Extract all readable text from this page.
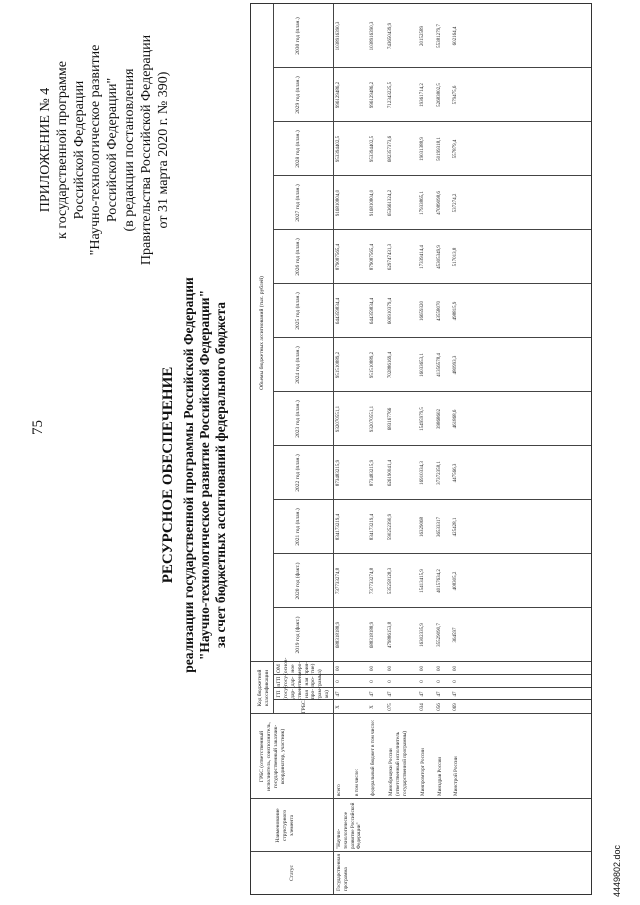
75
ПРИЛОЖЕНИЕ № 4 к государственной программе Российской Федерации "Научно-технологическое развитие Российской Федерации" (в редакции постановления Правительства Российской Федерации от 31 марта 2020 г. № 390)
РЕСУРСНОЕ ОБЕСПЕЧЕНИЕ реализации государственной программы Российской Федерации "Научно-технологическое развитие Российской Федерации" за счет бюджетных ассигнований федерального бюджета
Статус
Наименование структурного элемента
ГРБС (ответственный исполнитель, соисполнитель, государственный заказчик-координатор, участник)
Код бюджетной классификации
ГРБС
ГП (госу-дар-ствен-ная про-грам-ма)
пГП (госу-дар-ствен-ная про-грамма)
ОМ (основ-ное меро-прия-тие)
Объемы бюджетных ассигнований (тыс. рублей)
2019 год (факт.)
2020 год (факт.)
2021 год (план.)
2022 год (план.)
2023 год (план.)
2024 год (план.)
2025 год (план.)
2026 год (план.)
2027 год (план.)
2028 год (план.)
2029 год (план.)
2030 год (план.)
Государственная программа
"Научно-технологическое развитие Российской Федерации"
всего
Х
47
0
00
688318188,9
737733274,8
834173219,4
873483215,9
932070551,1
951510889,2
644359834,4
879087565,4
916810804,0
953394402,5
996129486,2
1038916390,3
в том числе: федеральный бюджет в том числе:
Х
47
0
00
688318188,9
737733274,8
834173219,4
873483215,9
932070551,1
951510889,2
644359834,4
879087565,4
916810804,0
953394402,5
996129486,2
1038916390,3
Минобрнауки России (ответственный исполнитель государственной программы)
075
47
0
00
479886153,8
535258128,3
590252390,9
626190041,4
683167766
702886169,4
600910379,4
629747431,3
653661324,2
682357373,6
712343225,5
743650439,9
Минпромторг России
034
47
0
00
16302335,9
15413415,9
16329068
16910334,3
15495979,5
16033653,1
16659320
17339414,4
17933865,1
19031388,9
19361714,2
20152589
Минздрав России
056
47
0
00
35529090,7
40157634,2
36533317
37372358,1
39868602
41356578,4
43558070
45305349,9
47089098,6
50199318,1
52683802,5
55381279,7
Минстрой России
069
47
0
00
364597
408305,2
425428,1
447566,3
461868,6
480993,3
498815,9
517013,8
537274,2
557879,4
579475,6
602164,4
4449802.doc
